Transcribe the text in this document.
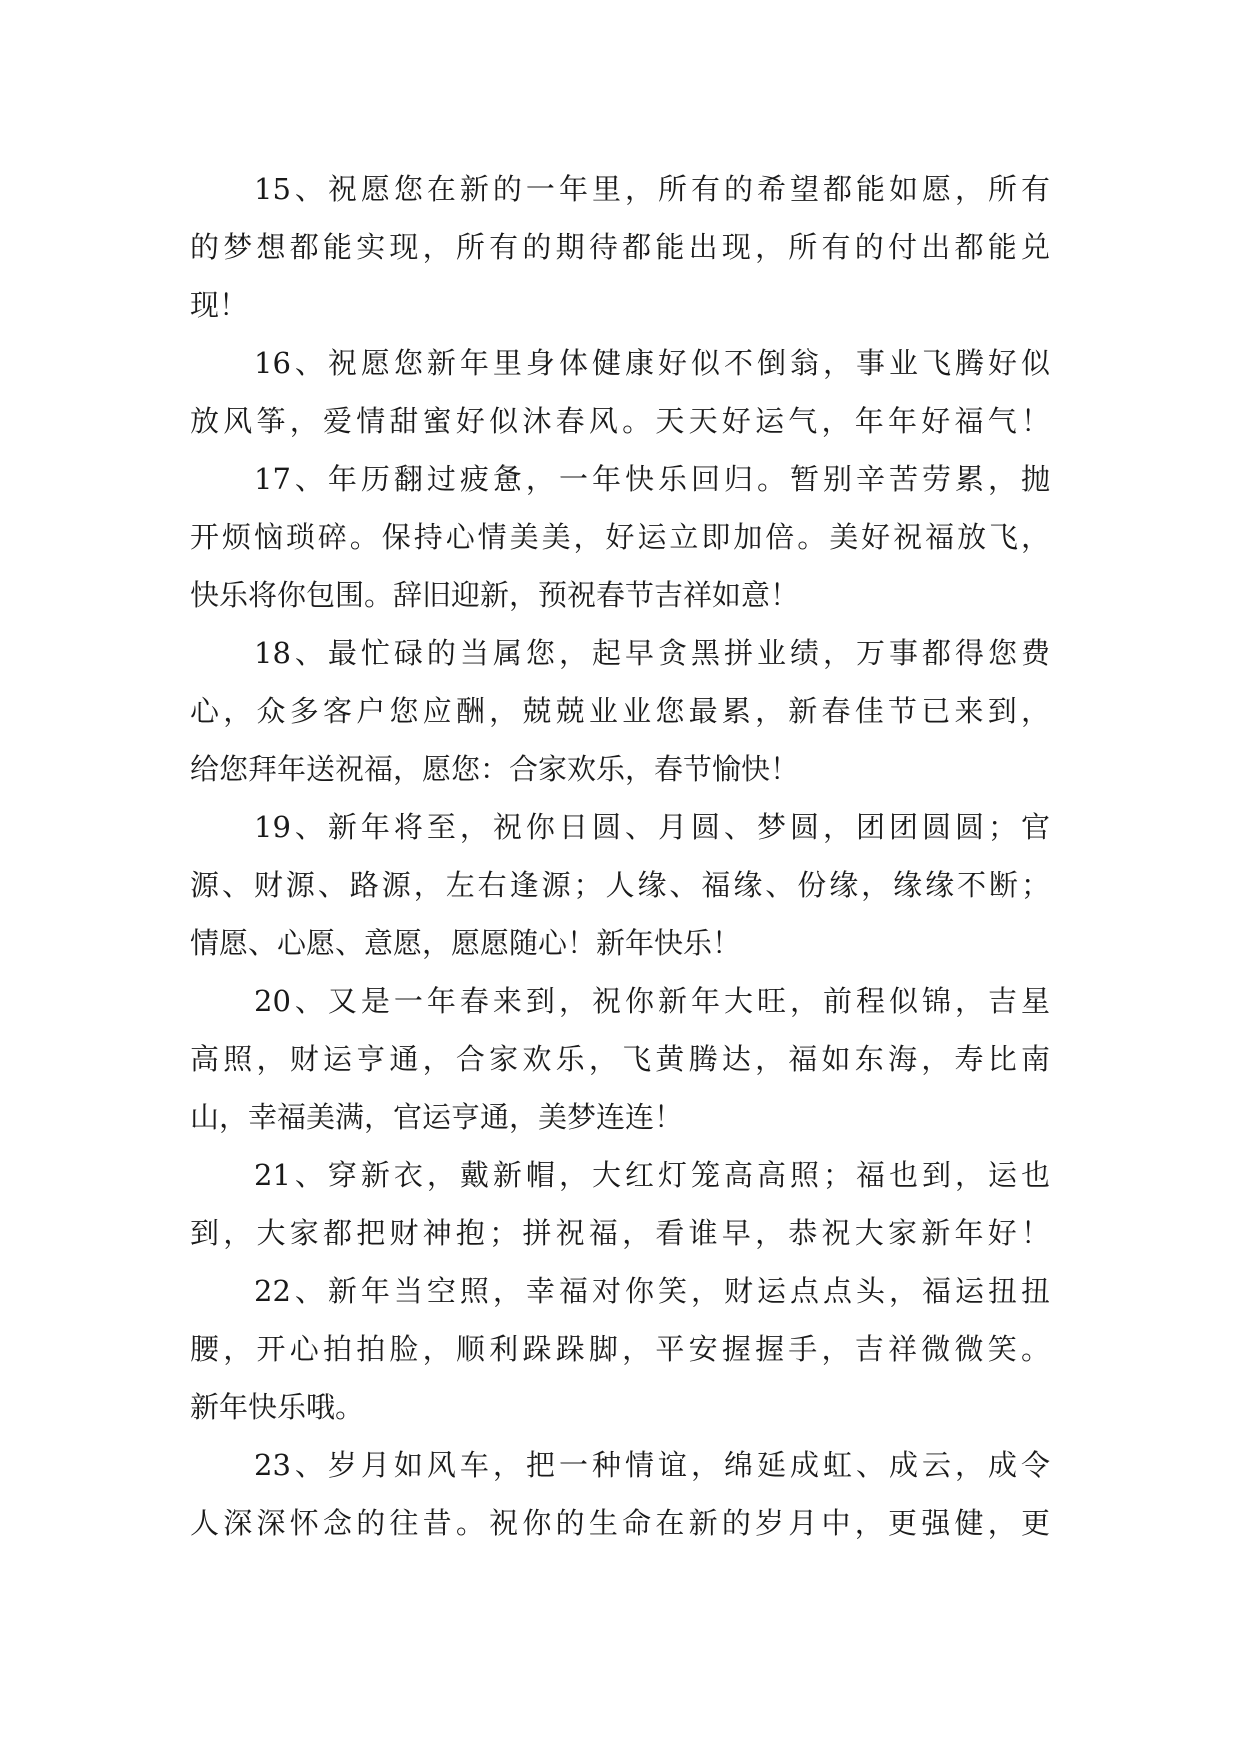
15、祝愿您在新的一年里，所有的希望都能如愿，所有
的梦想都能实现，所有的期待都能出现，所有的付出都能兑
现！
16、祝愿您新年里身体健康好似不倒翁，事业飞腾好似
放风筝，爱情甜蜜好似沐春风。天天好运气，年年好福气！
17、年历翻过疲惫，一年快乐回归。暂别辛苦劳累，抛
开烦恼琐碎。保持心情美美，好运立即加倍。美好祝福放飞，
快乐将你包围。辞旧迎新，预祝春节吉祥如意！
18、最忙碌的当属您，起早贪黑拼业绩，万事都得您费
心，众多客户您应酬，兢兢业业您最累，新春佳节已来到，
给您拜年送祝福，愿您：合家欢乐，春节愉快！
19、新年将至，祝你日圆、月圆、梦圆，团团圆圆；官
源、财源、路源，左右逢源；人缘、福缘、份缘，缘缘不断；
情愿、心愿、意愿，愿愿随心！新年快乐！
20、又是一年春来到，祝你新年大旺，前程似锦，吉星
高照，财运亨通，合家欢乐，飞黄腾达，福如东海，寿比南
山，幸福美满，官运亨通，美梦连连！
21、穿新衣，戴新帽，大红灯笼高高照；福也到，运也
到，大家都把财神抱；拼祝福，看谁早，恭祝大家新年好！
22、新年当空照，幸福对你笑，财运点点头，福运扭扭
腰，开心拍拍脸，顺利跺跺脚，平安握握手，吉祥微微笑。
新年快乐哦。
23、岁月如风车，把一种情谊，绵延成虹、成云，成令
人深深怀念的往昔。祝你的生命在新的岁月中，更强健，更
